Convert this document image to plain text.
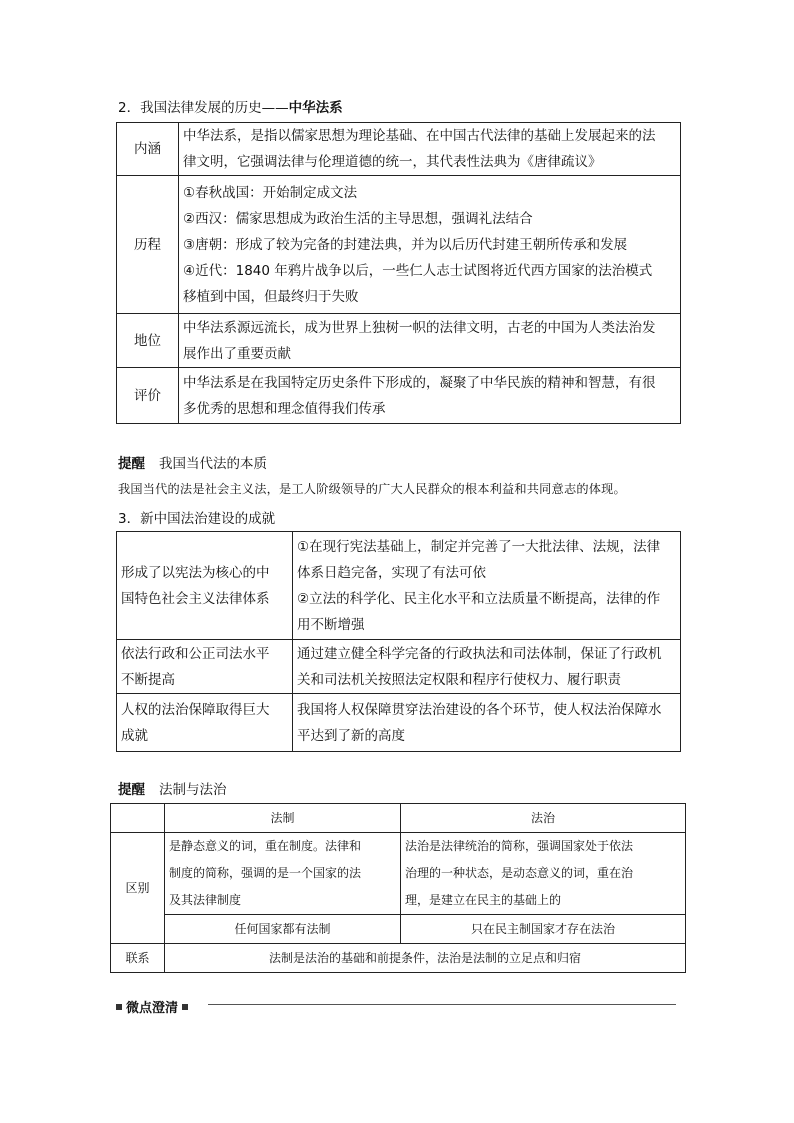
2．我国法律发展的历史——中华法系
内涵	中华法系，是指以儒家思想为理论基础、在中国古代法律的基础上发展起来的法
律文明，它强调法律与伦理道德的统一，其代表性法典为《唐律疏议》

历程	①春秋战国：开始制定成文法
②西汉：儒家思想成为政治生活的主导思想，强调礼法结合
③唐朝：形成了较为完备的封建法典，并为以后历代封建王朝所传承和发展
④近代：1840 年鸦片战争以后，一些仁人志士试图将近代西方国家的法治模式
移植到中国，但最终归于失败

地位	中华法系源远流长，成为世界上独树一帜的法律文明，古老的中国为人类法治发
展作出了重要贡献

评价	中华法系是在我国特定历史条件下形成的，凝聚了中华民族的精神和智慧，有很
多优秀的思想和理念值得我们传承
提醒 我国当代法的本质
我国当代的法是社会主义法，是工人阶级领导的广大人民群众的根本利益和共同意志的体现。
3．新中国法治建设的成就
形成了以宪法为核心的中
国特色社会主义法律体系	①在现行宪法基础上，制定并完善了一大批法律、法规，法律
体系日趋完备，实现了有法可依
②立法的科学化、民主化水平和立法质量不断提高，法律的作
用不断增强

依法行政和公正司法水平
不断提高	通过建立健全科学完备的行政执法和司法体制，保证了行政机
关和司法机关按照法定权限和程序行使权力、履行职责

人权的法治保障取得巨大
成就	我国将人权保障贯穿法治建设的各个环节，使人权法治保障水
平达到了新的高度
提醒 法制与法治
	法制	法治
区别	是静态意义的词，重在制度。法律和
制度的简称，强调的是一个国家的法
及其法律制度	法治是法律统治的简称，强调国家处于依法
治理的一种状态，是动态意义的词，重在治
理，是建立在民主的基础上的

	任何国家都有法制	只在民主制国家才存在法治
联系	法制是法治的基础和前提条件，法治是法制的立足点和归宿	
微点澄清
